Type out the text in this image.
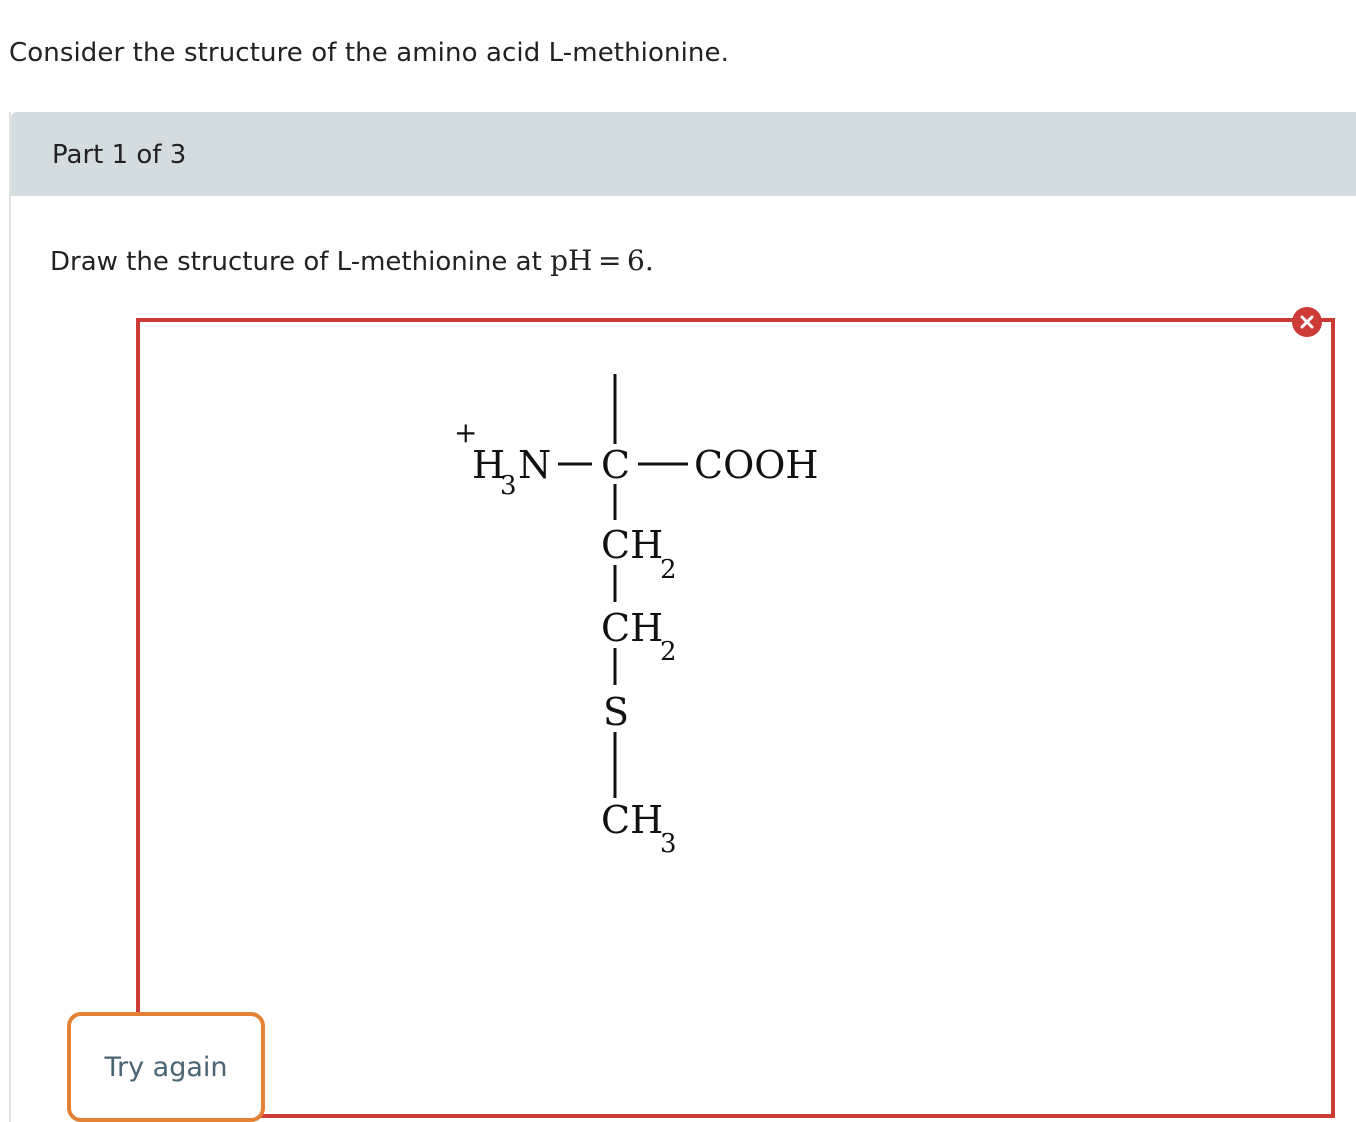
Consider the structure of the amino acid L-methionine.
Part 1 of 3
Draw the structure of L-methionine at pH = 6.
+
H
3 N C COOH
CH
2
CH
2
S
CH
3
Try again
